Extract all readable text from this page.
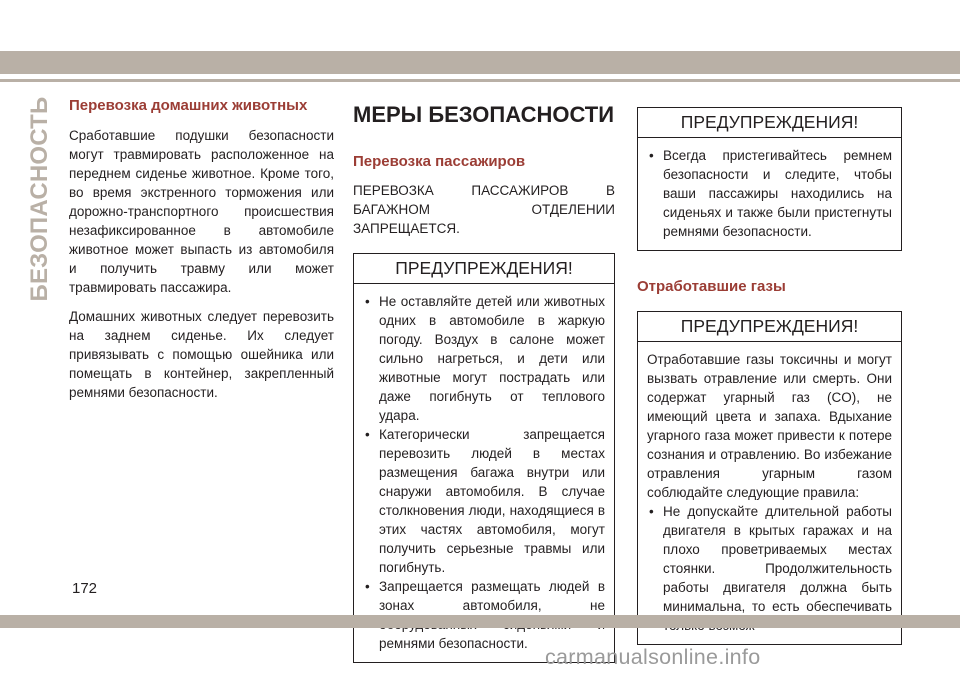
БЕЗОПАСНОСТЬ Перевозка домашних животных
Сработавшие подушки безопасности могут травмировать расположенное на переднем сиденье животное. Кроме того, во время экстренного торможения или дорожно-транспортного происшествия незафиксированное в автомобиле животное может выпасть из автомобиля и получить травму или может травмировать пассажира.
Домашних животных следует перевозить на заднем сиденье. Их следует привязывать с помощью ошейника или помещать в контейнер, закрепленный ремнями безопасности.
МЕРЫ БЕЗОПАСНОСТИ
Перевозка пассажиров
ПЕРЕВОЗКА ПАССАЖИРОВ В БАГАЖНОМ ОТДЕЛЕНИИ ЗАПРЕЩАЕТСЯ.
ПРЕДУПРЕЖДЕНИЯ!
• Не оставляйте детей или животных одних в автомобиле в жаркую погоду. Воздух в салоне может сильно нагреться, и дети или животные могут пострадать или даже погибнуть от теплового удара.
• Категорически запрещается перевозить людей в местах размещения багажа внутри или снаружи автомобиля. В случае столкновения люди, находящиеся в этих частях автомобиля, могут получить серьезные травмы или погибнуть.
• Запрещается размещать людей в зонах автомобиля, не ремнями безопасности.
ПРЕДУПРЕЖДЕНИЯ!
• Всегда пристегивайтесь ремнем безопасности и следите, чтобы ваши пассажиры находились на сиденьях и также были пристегнуты ремнями безопасности.
Отработавшие газы
ПРЕДУПРЕЖДЕНИЯ!
Отработавшие газы токсичны и могут вызвать отравление или смерть. Они содержат угарный газ (CO), не имеющий цвета и запаха. Вдыхание угарного газа может привести к потере сознания и отравлению. Во избежание отравления угарным газом соблюдайте следующие правила:
• Не допускайте длительной работы двигателя в крытых гаражах и на плохо проветриваемых местах стоянки. Продолжительность работы двигателя должна быть минимальна, то есть обеспечивать
172
carmanualsonline.info
